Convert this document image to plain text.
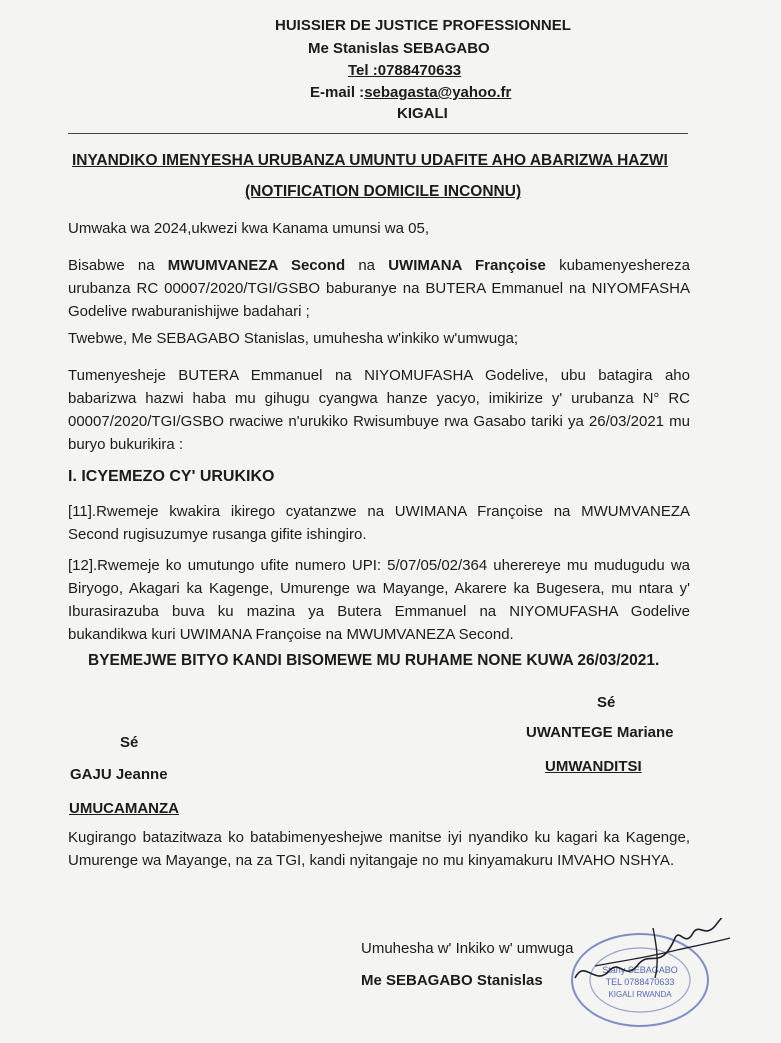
HUISSIER DE JUSTICE PROFESSIONNEL
Me Stanislas SEBAGABO
Tel :0788470633
E-mail :sebagasta@yahoo.fr
KIGALI
INYANDIKO IMENYESHA URUBANZA UMUNTU UDAFITE AHO ABARIZWA HAZWI
(NOTIFICATION DOMICILE INCONNU)
Umwaka wa 2024,ukwezi kwa Kanama umunsi wa 05,
Bisabwe na MWUMVANEZA Second na UWIMANA Françoise kubamenyeshereza urubanza RC 00007/2020/TGI/GSBO baburanye na BUTERA Emmanuel na NIYOMFASHA Godelive rwaburanishijwe badahari ;
Twebwe, Me SEBAGABO Stanislas, umuhesha w'inkiko w'umwuga;
Tumenyesheje BUTERA Emmanuel na NIYOMUFASHA Godelive, ubu batagira aho babarizwa hazwi haba mu gihugu cyangwa hanze yacyo, imikirize y' urubanza N° RC 00007/2020/TGI/GSBO rwaciwe n'urukiko Rwisumbuye rwa Gasabo tariki ya 26/03/2021 mu buryo bukurikira :
I. ICYEMEZO CY' URUKIKO
[11].Rwemeje kwakira ikirego cyatanzwe na UWIMANA Françoise na MWUMVANEZA Second rugisuzumye rusanga gifite ishingiro.
[12].Rwemeje ko umutungo ufite numero UPI: 5/07/05/02/364 uherereye mu mudugudu wa Biryogo, Akagari ka Kagenge, Umurenge wa Mayange, Akarere ka Bugesera, mu ntara y' Iburasirazuba buva ku mazina ya Butera Emmanuel na NIYOMUFASHA Godelive bukandikwa kuri UWIMANA Françoise na MWUMVANEZA Second.
BYEMEJWE BITYO KANDI BISOMEWE MU RUHAME NONE KUWA 26/03/2021.
Sé
Sé
UWANTEGE Mariane
GAJU Jeanne	UMWANDITSI
UMUCAMANZA
Kugirango batazitwaza ko batabimenyeshejwe manitse iyi nyandiko ku kagari ka Kagenge, Umurenge wa Mayange, na za TGI, kandi nyitangaje no mu kinyamakuru IMVAHO NSHYA.
Umuhesha w' Inkiko w' umwuga
Me SEBAGABO Stanislas
Stany SEBAGABO
TEL 0788470633
KIGALI RWANDA
